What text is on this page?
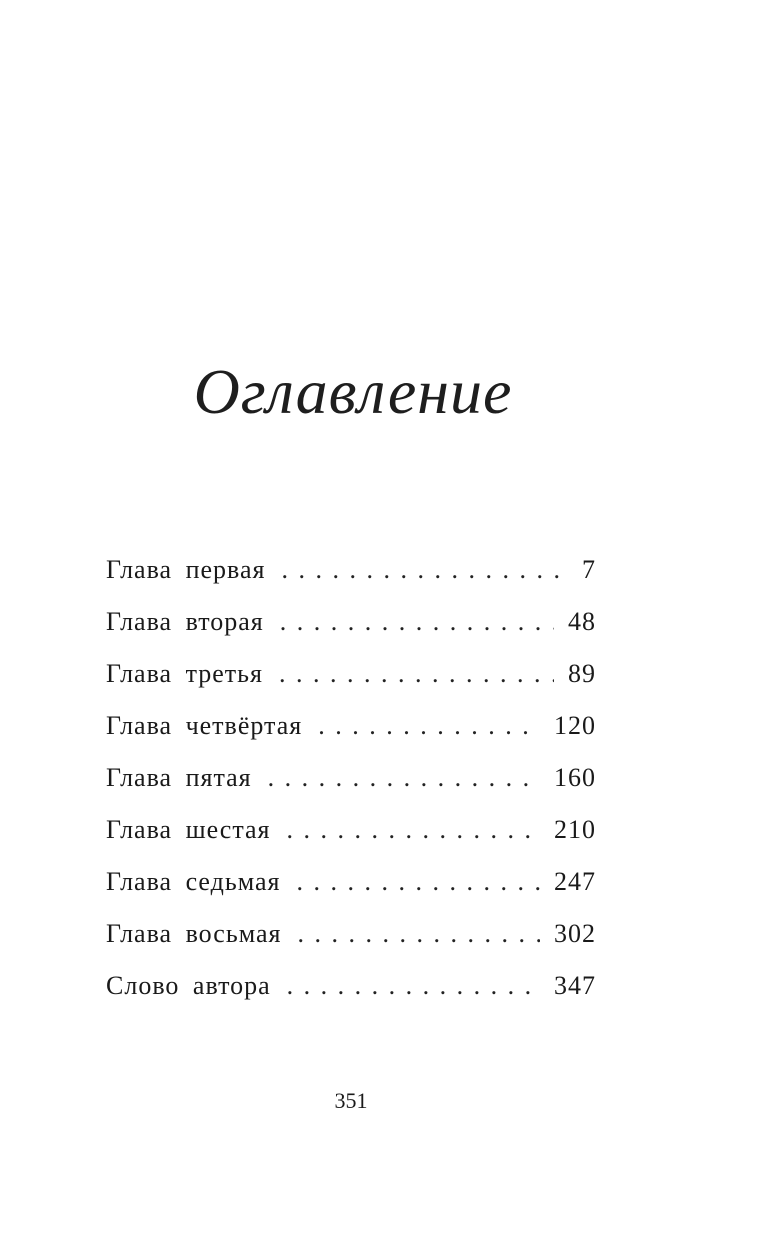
Оглавление
Глава первая . . .	7
Глава вторая . . .	48
Глава третья . . .	89
Глава четвёртая . . .	120
Глава пятая . . .	160
Глава шестая . . .	210
Глава седьмая . . .	247
Глава восьмая . . .	302
Слово автора . . .	347
351
